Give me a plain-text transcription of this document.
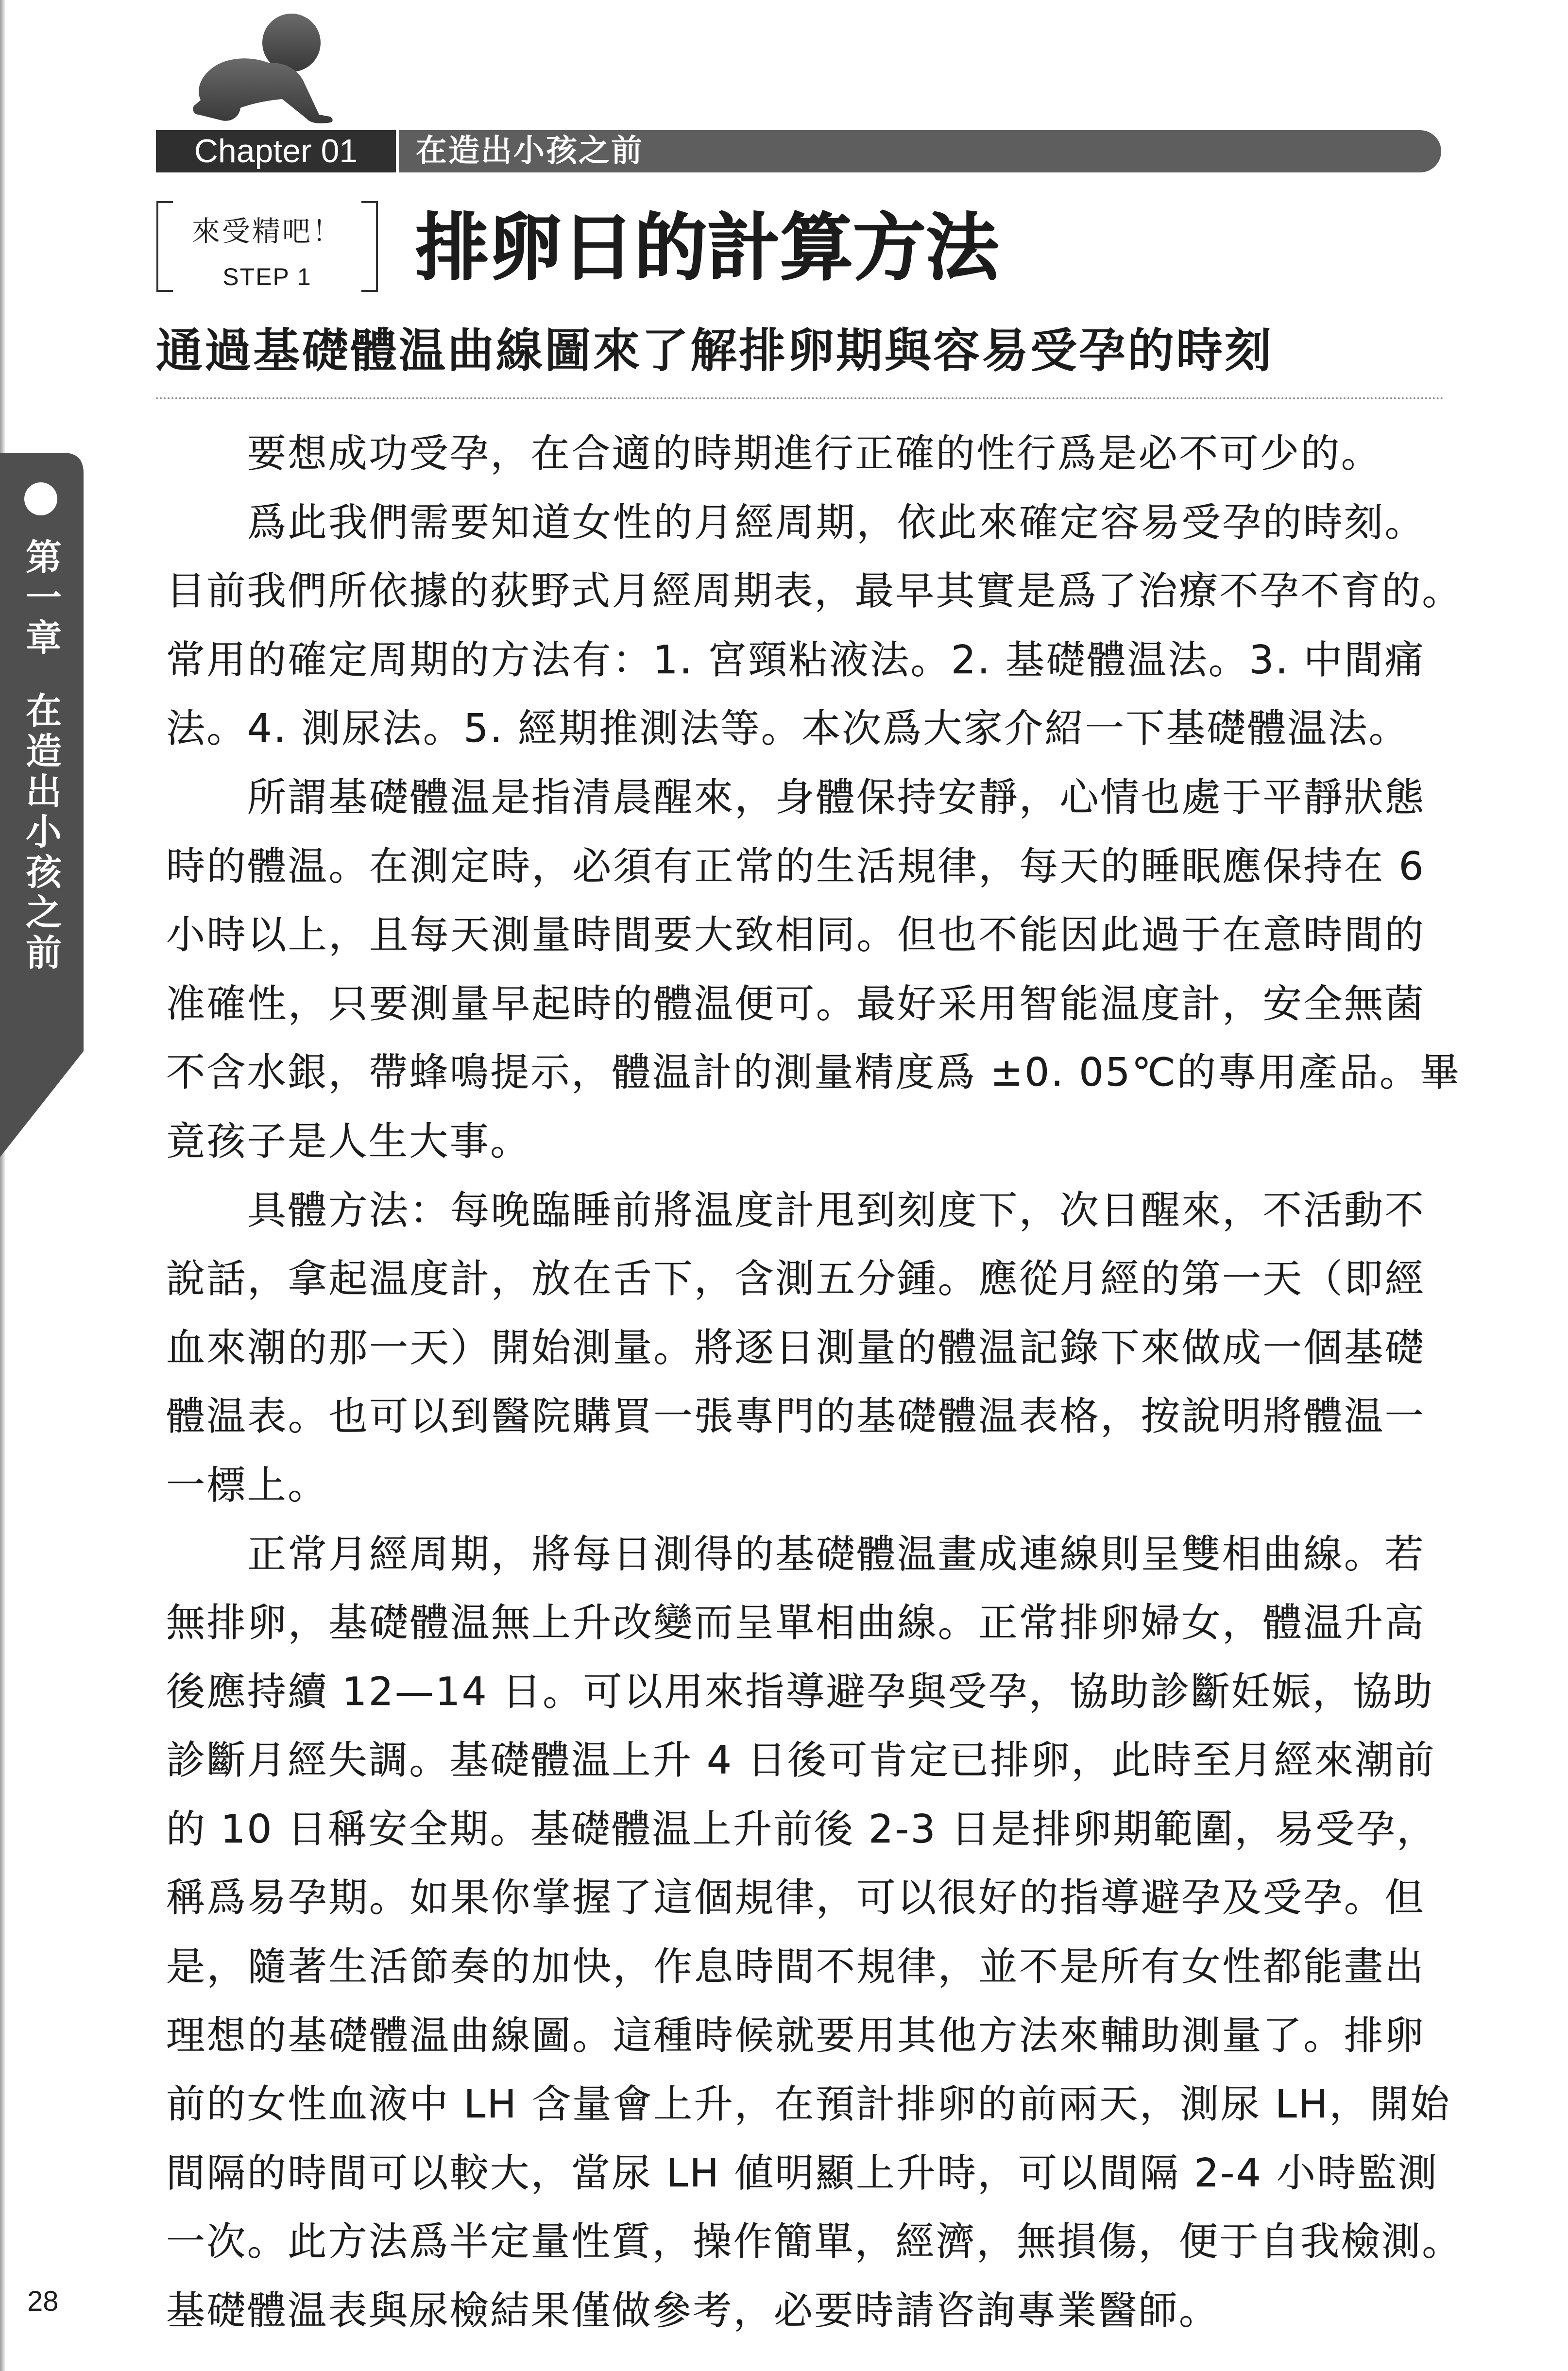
Chapter 01	在造出小孩之前
來受精吧！
STEP 1	排卵日的計算方法
通過基礎體温曲線圖來了解排卵期與容易受孕的時刻
要想成功受孕，在合適的時期進行正確的性行爲是必不可少的。
爲此我們需要知道女性的月經周期，依此來確定容易受孕的時刻。
目前我們所依據的荻野式月經周期表，最早其實是爲了治療不孕不育的。
常用的確定周期的方法有：1. 宮頸粘液法。2. 基礎體温法。3. 中間痛
法。4. 測尿法。5. 經期推測法等。本次爲大家介紹一下基礎體温法。
所謂基礎體温是指清晨醒來，身體保持安靜，心情也處于平靜狀態
時的體温。在測定時，必須有正常的生活規律，每天的睡眠應保持在 6
小時以上，且每天測量時間要大致相同。但也不能因此過于在意時間的
准確性，只要測量早起時的體温便可。最好采用智能温度計，安全無菌
不含水銀，帶蜂鳴提示，體温計的測量精度爲 ±0. 05℃的專用產品。畢
竟孩子是人生大事。
具體方法：每晚臨睡前將温度計甩到刻度下，次日醒來，不活動不
說話，拿起温度計，放在舌下，含測五分鍾。應從月經的第一天（即經
血來潮的那一天）開始測量。將逐日測量的體温記錄下來做成一個基礎
體温表。也可以到醫院購買一張專門的基礎體温表格，按說明將體温一
一標上。
正常月經周期，將每日測得的基礎體温畫成連線則呈雙相曲線。若
無排卵，基礎體温無上升改變而呈單相曲線。正常排卵婦女，體温升高
後應持續 12—14 日。可以用來指導避孕與受孕，協助診斷妊娠，協助
診斷月經失調。基礎體温上升 4 日後可肯定已排卵，此時至月經來潮前
的 10 日稱安全期。基礎體温上升前後 2-3 日是排卵期範圍，易受孕，
稱爲易孕期。如果你掌握了這個規律，可以很好的指導避孕及受孕。但
是，隨著生活節奏的加快，作息時間不規律，並不是所有女性都能畫出
理想的基礎體温曲線圖。這種時候就要用其他方法來輔助測量了。排卵
前的女性血液中 LH 含量會上升，在預計排卵的前兩天，測尿 LH，開始
間隔的時間可以較大，當尿 LH 値明顯上升時，可以間隔 2-4 小時監測
一次。此方法爲半定量性質，操作簡單，經濟，無損傷，便于自我檢測。
基礎體温表與尿檢結果僅做參考，必要時請咨詢專業醫師。
第一章
在造出小孩之前
28
